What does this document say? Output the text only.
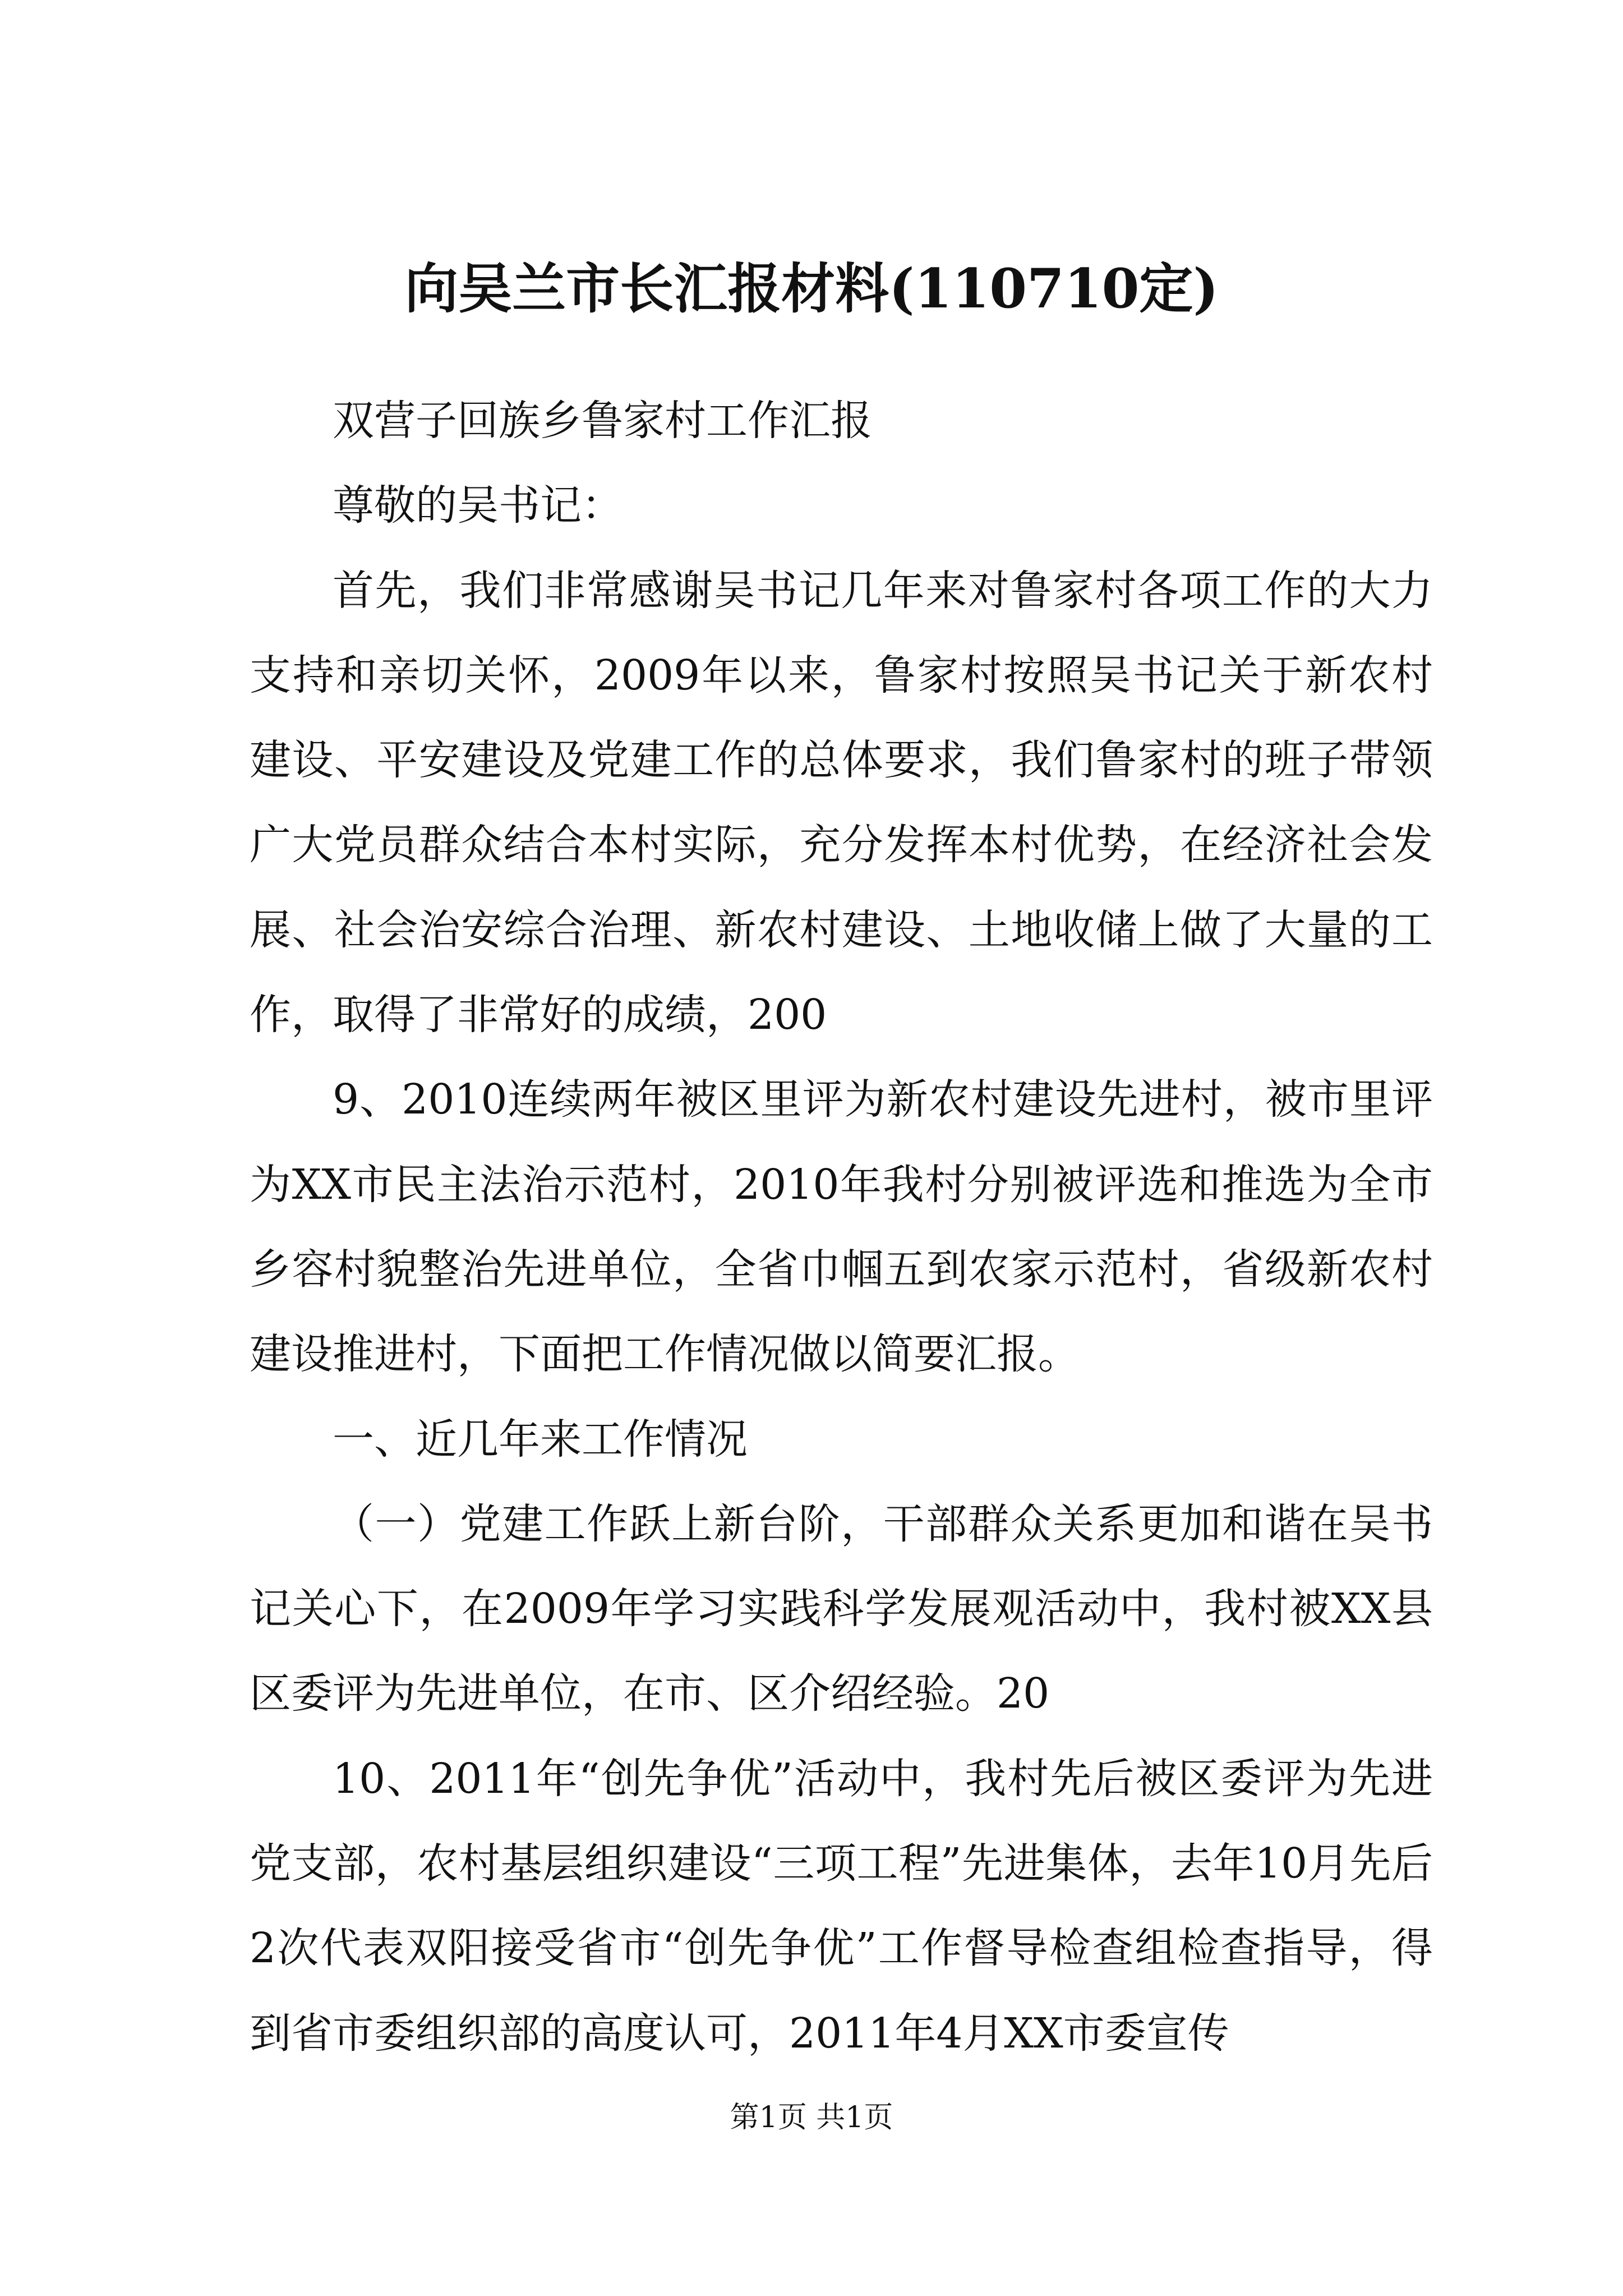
向吴兰市长汇报材料(110710定)

双营子回族乡鲁家村工作汇报

尊敬的吴书记：

首先，我们非常感谢吴书记几年来对鲁家村各项工作的大力支持和亲切关怀，2009年以来，鲁家村按照吴书记关于新农村建设、平安建设及党建工作的总体要求，我们鲁家村的班子带领广大党员群众结合本村实际，充分发挥本村优势，在经济社会发展、社会治安综合治理、新农村建设、土地收储上做了大量的工作，取得了非常好的成绩，200

9、2010连续两年被区里评为新农村建设先进村，被市里评为XX市民主法治示范村，2010年我村分别被评选和推选为全市乡容村貌整治先进单位，全省巾帼五到农家示范村，省级新农村建设推进村，下面把工作情况做以简要汇报。

一、近几年来工作情况

（一）党建工作跃上新台阶，干部群众关系更加和谐在吴书记关心下，在2009年学习实践科学发展观活动中，我村被XX县区委评为先进单位，在市、区介绍经验。20

10、2011年“创先争优”活动中，我村先后被区委评为先进党支部，农村基层组织建设“三项工程”先进集体，去年10月先后2次代表双阳接受省市“创先争优”工作督导检查组检查指导，得到省市委组织部的高度认可，2011年4月XX市委宣传

第1页 共1页
